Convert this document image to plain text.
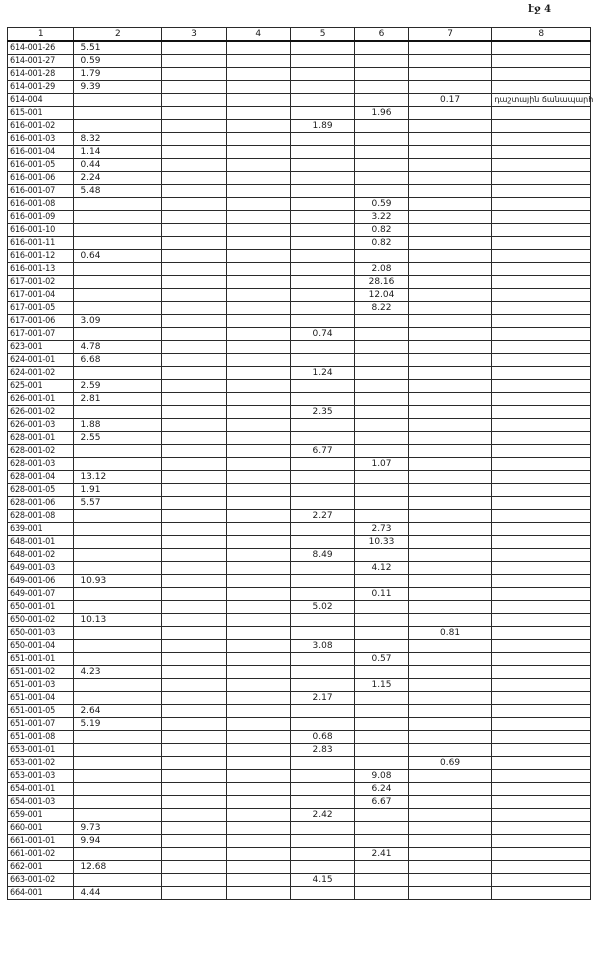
էջ 4
1	2	3	4	5	6	7	8
614-001-26	5.51						
614-001-27	0.59						
614-001-28	1.79						
614-001-29	9.39						
614-004						0.17	դաշտային ճանապարհ
615-001					1.96		
616-001-02				1.89			
616-001-03	8.32						
616-001-04	1.14						
616-001-05	0.44						
616-001-06	2.24						
616-001-07	5.48						
616-001-08					0.59		
616-001-09					3.22		
616-001-10					0.82		
616-001-11					0.82		
616-001-12	0.64						
616-001-13					2.08		
617-001-02					28.16		
617-001-04					12.04		
617-001-05					8.22		
617-001-06	3.09						
617-001-07				0.74			
623-001	4.78						
624-001-01	6.68						
624-001-02				1.24			
625-001	2.59						
626-001-01	2.81						
626-001-02				2.35			
626-001-03	1.88						
628-001-01	2.55						
628-001-02				6.77			
628-001-03					1.07		
628-001-04	13.12						
628-001-05	1.91						
628-001-06	5.57						
628-001-08				2.27			
639-001					2.73		
648-001-01					10.33		
648-001-02				8.49			
649-001-03					4.12		
649-001-06	10.93						
649-001-07					0.11		
650-001-01				5.02			
650-001-02	10.13						
650-001-03						0.81	
650-001-04				3.08			
651-001-01					0.57		
651-001-02	4.23						
651-001-03					1.15		
651-001-04				2.17			
651-001-05	2.64						
651-001-07	5.19						
651-001-08				0.68			
653-001-01				2.83			
653-001-02						0.69	
653-001-03					9.08		
654-001-01					6.24		
654-001-03					6.67		
659-001				2.42			
660-001	9.73						
661-001-01	9.94						
661-001-02					2.41		
662-001	12.68						
663-001-02				4.15			
664-001	4.44						
